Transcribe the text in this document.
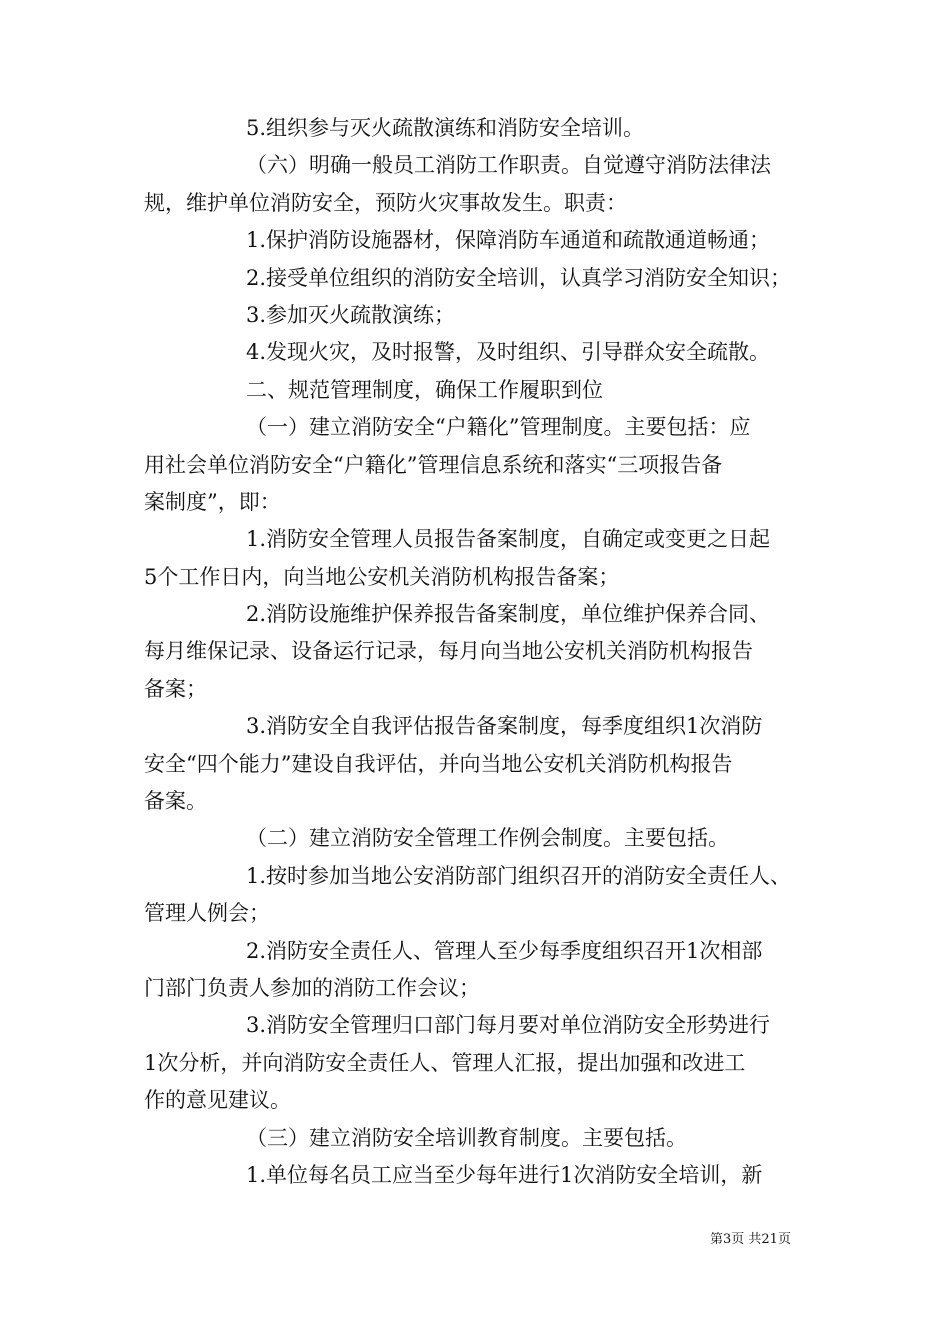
5.组织参与灭火疏散演练和消防安全培训。
（六）明确一般员工消防工作职责。自觉遵守消防法律法
规，维护单位消防安全，预防火灾事故发生。职责：
1.保护消防设施器材，保障消防车通道和疏散通道畅通；
2.接受单位组织的消防安全培训，认真学习消防安全知识；
3.参加灭火疏散演练；
4.发现火灾，及时报警，及时组织、引导群众安全疏散。
二、规范管理制度，确保工作履职到位
（一）建立消防安全“户籍化”管理制度。主要包括：应
用社会单位消防安全“户籍化”管理信息系统和落实“三项报告备
案制度”，即：
1.消防安全管理人员报告备案制度，自确定或变更之日起
5个工作日内，向当地公安机关消防机构报告备案；
2.消防设施维护保养报告备案制度，单位维护保养合同、
每月维保记录、设备运行记录，每月向当地公安机关消防机构报告
备案；
3.消防安全自我评估报告备案制度，每季度组织1次消防
安全“四个能力”建设自我评估，并向当地公安机关消防机构报告
备案。
（二）建立消防安全管理工作例会制度。主要包括。
1.按时参加当地公安消防部门组织召开的消防安全责任人、
管理人例会；
2.消防安全责任人、管理人至少每季度组织召开1次相部
门部门负责人参加的消防工作会议；
3.消防安全管理归口部门每月要对单位消防安全形势进行
1次分析，并向消防安全责任人、管理人汇报，提出加强和改进工
作的意见建议。
（三）建立消防安全培训教育制度。主要包括。
1.单位每名员工应当至少每年进行1次消防安全培训，新
第3页 共21页
